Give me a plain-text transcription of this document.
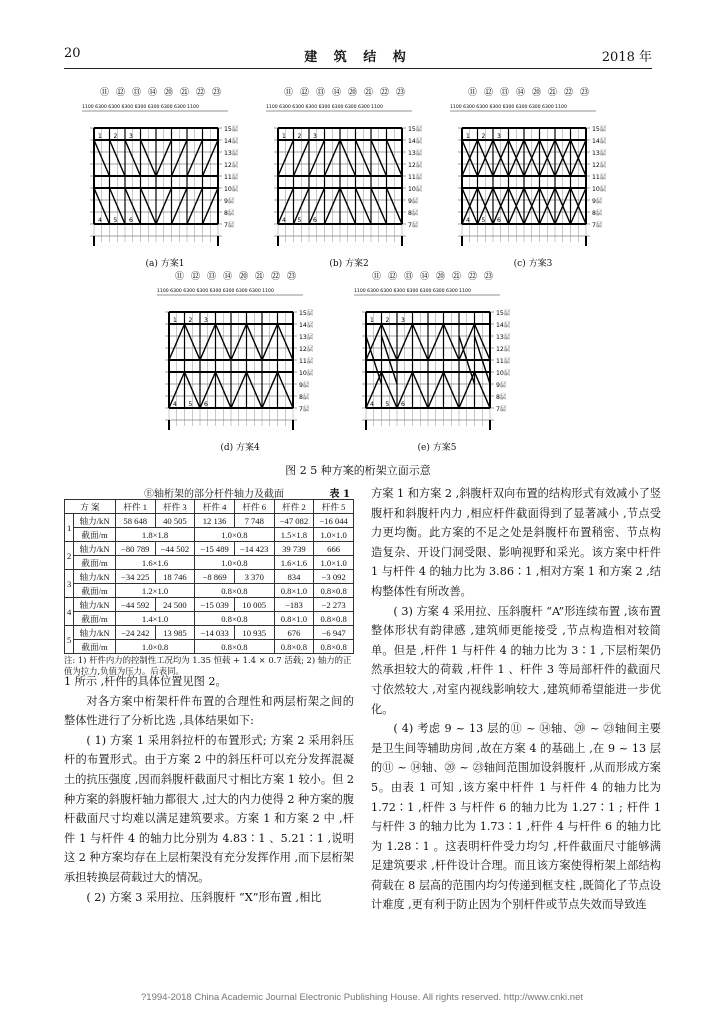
20	建 筑 结 构	2018 年
⑪ ⑫ ⑬ ⑭ ⑳ ㉑ ㉒ ㉓
1100 6300 6300 6300 6300 6300 6300 6300 1100
15层
14层
13层
12层
11层
10层
9层
8层
7层
1 2 3
4 5 6
⑪ ⑫ ⑬ ⑭ ⑳ ㉑ ㉒ ㉓
1100 6300 6300 6300 6300 6300 6300 6300 1100
15层
14层
13层
12层
11层
10层
9层
8层
7层
1 2 3
4 5 6
⑪ ⑫ ⑬ ⑭ ⑳ ㉑ ㉒ ㉓
1100 6300 6300 6300 6300 6300 6300 6300 1100
15层
14层
13层
12层
11层
10层
9层
8层
7层
1 2 3
4 5 6
⑪ ⑫ ⑬ ⑭ ⑳ ㉑ ㉒ ㉓
1100 6300 6300 6300 6300 6300 6300 6300 1100
15层
14层
13层
12层
11层
10层
9层
8层
7层
1 2 3
4 5 6
⑪ ⑫ ⑬ ⑭ ⑳ ㉑ ㉒ ㉓
1100 6300 6300 6300 6300 6300 6300 6300 1100
15层
14层
13层
12层
11层
10层
9层
8层
7层
1 2 3
4 5 6
(a) 方案1	(b) 方案2	(c) 方案3
(d) 方案4	(e) 方案5
图 2 5 种方案的桁架立面示意
Ⓔ轴桁架的部分杆件轴力及截面	表 1
方 案		杆件 1	杆件 3	杆件 4	杆件 6	杆件 2	杆件 5
1	轴力/kN	58 648	40 505	12 136	7 748	−47 082	−16 044
	截面/m	1.8×1.8		1.0×0.8		1.5×1.8	1.0×1.0
2	轴力/kN	−80 789	−44 502	−15 489	−14 423	39 739	666
	截面/m	1.6×1.6		1.0×0.8		1.6×1.6	1.0×1.0
3	轴力/kN	−34 225	18 746	−8 869	3 370	834	−3 092
	截面/m	1.2×1.0		0.8×0.8		0.8×1.0	0.8×0.8
4	轴力/kN	−44 592	24 500	−15 039	10 005	−183	−2 273
	截面/m	1.4×1.0		0.8×0.8		0.8×1.0	0.8×0.8
5	轴力/kN	−24 242	13 985	−14 033	10 935	676	−6 947
	截面/m	1.0×0.8		0.8×0.8		0.8×0.8	0.8×0.8
注: 1) 杆件内力的控制性工况均为 1.35 恒载 + 1.4 × 0.7 活载; 2) 轴力的正值为拉力,负值为压力。后表同。

1 所示 ,杆件的具体位置见图 2。

对各方案中桁架杆件布置的合理性和两层桁架之间的整体性进行了分析比选 ,具体结果如下:

( 1) 方案 1 采用斜拉杆的布置形式; 方案 2 采用斜压杆的布置形式。由于方案 2 中的斜压杆可以充分发挥混凝土的抗压强度 ,因而斜腹杆截面尺寸相比方案 1 较小。但 2 种方案的斜腹杆轴力都很大 ,过大的内力使得 2 种方案的腹杆截面尺寸均难以满足建筑要求。方案 1 和方案 2 中 ,杆件 1 与杆件 4 的轴力比分别为 4.83∶1 、5.21∶1 ,说明这 2 种方案均存在上层桁架没有充分发挥作用 ,而下层桁架承担转换层荷载过大的情况。

( 2) 方案 3 采用拉、压斜腹杆 “X”形布置 ,相比

方案 1 和方案 2 ,斜腹杆双向布置的结构形式有效减小了竖腹杆和斜腹杆内力 ,相应杆件截面得到了显著减小 ,节点受力更均衡。此方案的不足之处是斜腹杆布置稍密、节点构造复杂、开设门洞受限、影响视野和采光。该方案中杆件 1 与杆件 4 的轴力比为 3.86∶1 ,相对方案 1 和方案 2 ,结构整体性有所改善。

( 3) 方案 4 采用拉、压斜腹杆 “A”形连续布置 ,该布置整体形状有韵律感 ,建筑师更能接受 ,节点构造相对较简单。但是 ,杆件 1 与杆件 4 的轴力比为 3∶1 ,下层桁架仍然承担较大的荷载 ,杆件 1 、杆件 3 等局部杆件的截面尺寸依然较大 ,对室内视线影响较大 ,建筑师希望能进一步优化。

( 4) 考虑 9 ~ 13 层的⑪ ~ ⑭轴、⑳ ~ ㉓轴间主要是卫生间等辅助房间 ,故在方案 4 的基础上 ,在 9 ~ 13 层的⑪ ~ ⑭轴、⑳ ~ ㉓轴间范围加设斜腹杆 ,从而形成方案 5。由表 1 可知 ,该方案中杆件 1 与杆件 4 的轴力比为 1.72∶1 ,杆件 3 与杆件 6 的轴力比为 1.27∶1 ; 杆件 1 与杆件 3 的轴力比为 1.73∶1 ,杆件 4 与杆件 6 的轴力比为 1.28∶1 。这表明杆件受力均匀 ,杆件截面尺寸能够满足建筑要求 ,杆件设计合理。而且该方案使得桁架上部结构荷载在 8 层高的范围内均匀传递到框支柱 ,既简化了节点设计难度 ,更有利于防止因为个别杆件或节点失效而导致连

?1994-2018 China Academic Journal Electronic Publishing House. All rights reserved. http://www.cnki.net
